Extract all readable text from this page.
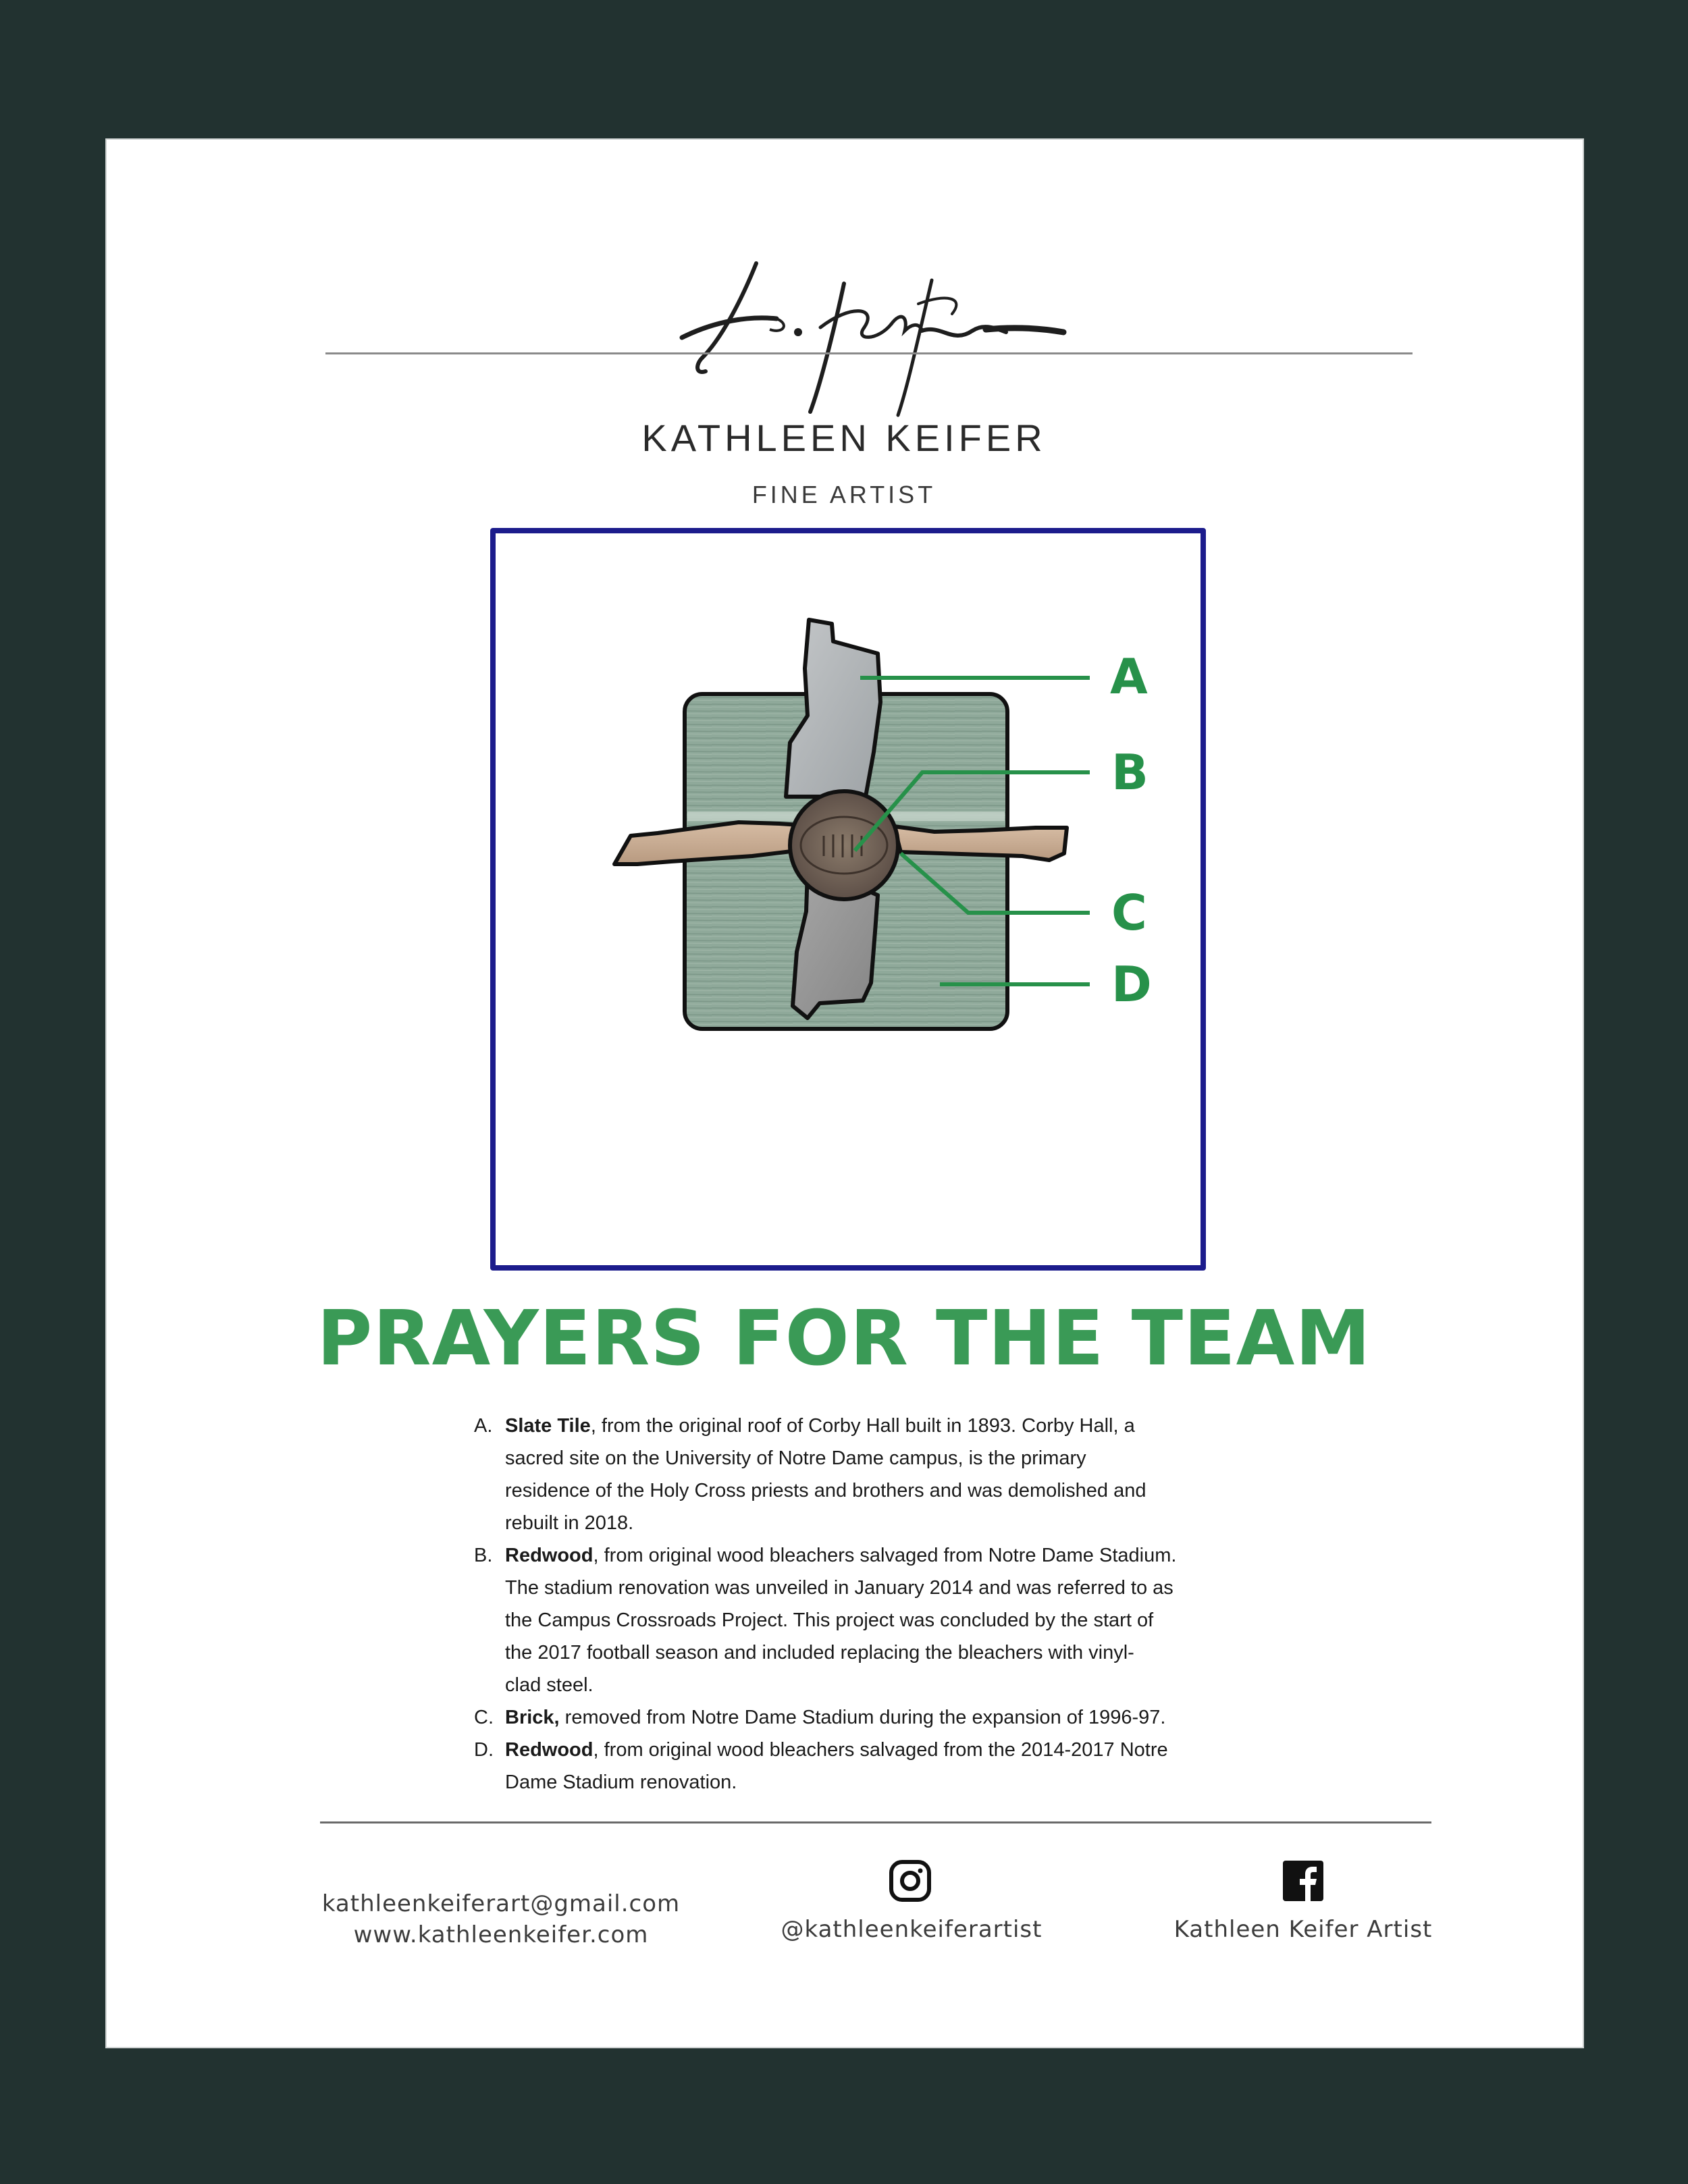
KATHLEEN KEIFER
FINE ARTIST
A
B
C
D
PRAYERS FOR THE TEAM
A. Slate Tile, from the original roof of Corby Hall built in 1893. Corby Hall, a
sacred site on the University of Notre Dame campus, is the primary
residence of the Holy Cross priests and brothers and was demolished and
rebuilt in 2018.
B. Redwood, from original wood bleachers salvaged from Notre Dame Stadium.
The stadium renovation was unveiled in January 2014 and was referred to as
the Campus Crossroads Project. This project was concluded by the start of
the 2017 football season and included replacing the bleachers with vinyl-
clad steel.
C. Brick, removed from Notre Dame Stadium during the expansion of 1996-97.
D. Redwood, from original wood bleachers salvaged from the 2014-2017 Notre
Dame Stadium renovation.
kathleenkeiferart@gmail.com
www.kathleenkeifer.com	@kathleenkeiferartist	Kathleen Keifer Artist
